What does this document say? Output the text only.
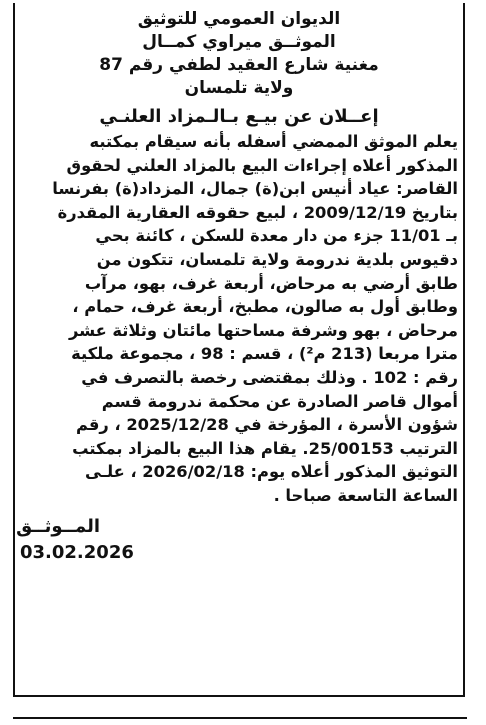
الديوان العمومي للتوثيق
الموثــق ميراوي كمــال
مغنية شارع العقيد لطفي رقم 87
ولاية تلمسان
إعــلان عن بيـع بـالـمزاد العلنـي
يعلم الموثق الممضي أسفله بأنه سيقام بمكتبه
المذكور أعلاه إجراءات البيع بالمزاد العلني لحقوق
القاصر: عياد أنيس ابن(ة) جمال، المزداد(ة) بفرنسا
بتاريخ 2009/12/19 ، لبيع حقوقه العقارية المقدرة
بـ 11/01 جزء من دار معدة للسكن ، كائنة بحي
دقيوس بلدية ندرومة ولاية تلمسان، تتكون من
طابق أرضي به مرحاض، أربعة غرف، بهو، مرآب
وطابق أول به صالون، مطبخ، أربعة غرف، حمام ،
مرحاض ، بهو وشرفة مساحتها مائتان وثلاثة عشر
مترا مربعا (213 م²) ، قسم : 98 ، مجموعة ملكية
رقم : 102 . وذلك بمقتضى رخصة بالتصرف في
أموال قاصر الصادرة عن محكمة ندرومة قسم
شؤون الأسرة ، المؤرخة في 2025/12/28 ، رقم
الترتيب 25/00153. يقام هذا البيع بالمزاد بمكتب
التوثيق المذكور أعلاه يوم: 2026/02/18 ، علـى
الساعة التاسعة صباحا .
المــوثــق
03.02.2026
